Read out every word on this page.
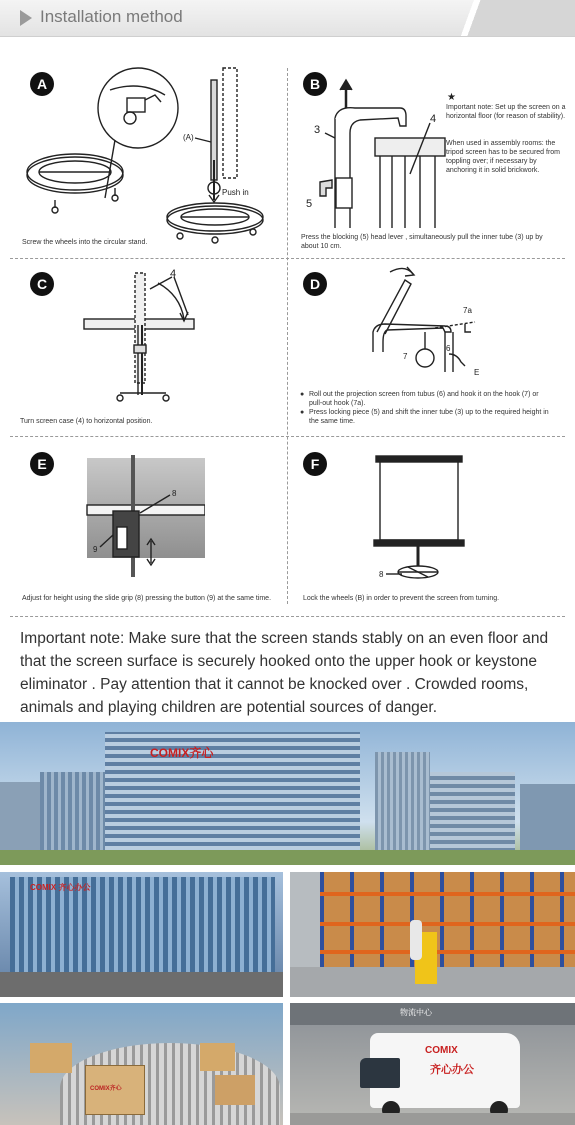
Installation method
A
(A)
Push in
Screw the wheels into the circular stand.
B
3
4
5
★
Important note: Set up the screen on a horizontal floor (for reason of stability).
When used in assembly rooms: the tripod screen has to be secured from toppling over; if necessary by anchoring it in solid brickwork.
Press the blocking (5) head lever , simultaneously pull the inner tube (3) up by about 10 cm.
C
4
Turn screen case (4) to horizontal position.
D
7a
6
7
E
● Roll out the projection screen from tubus (6) and hook it on the hook (7) or pull-out hook (7a).
● Press locking piece (5) and shift the inner tube (3) up to the required height in the same time.
E
8
9
Adjust for height using the slide grip (8) pressing the button (9) at the same time.
F
8
Lock the wheels (B) in order to prevent the screen from turning.
Important note: Make sure that the screen stands stably on an even floor and that the screen surface is securely hooked onto the upper hook or keystone eliminator . Pay attention that it cannot be knocked over . Crowded rooms, animals and playing children are potential sources of danger.
COMIX齐心
COMIX 齐心办公
COMIX齐心
物流中心
COMIX
齐心办公
